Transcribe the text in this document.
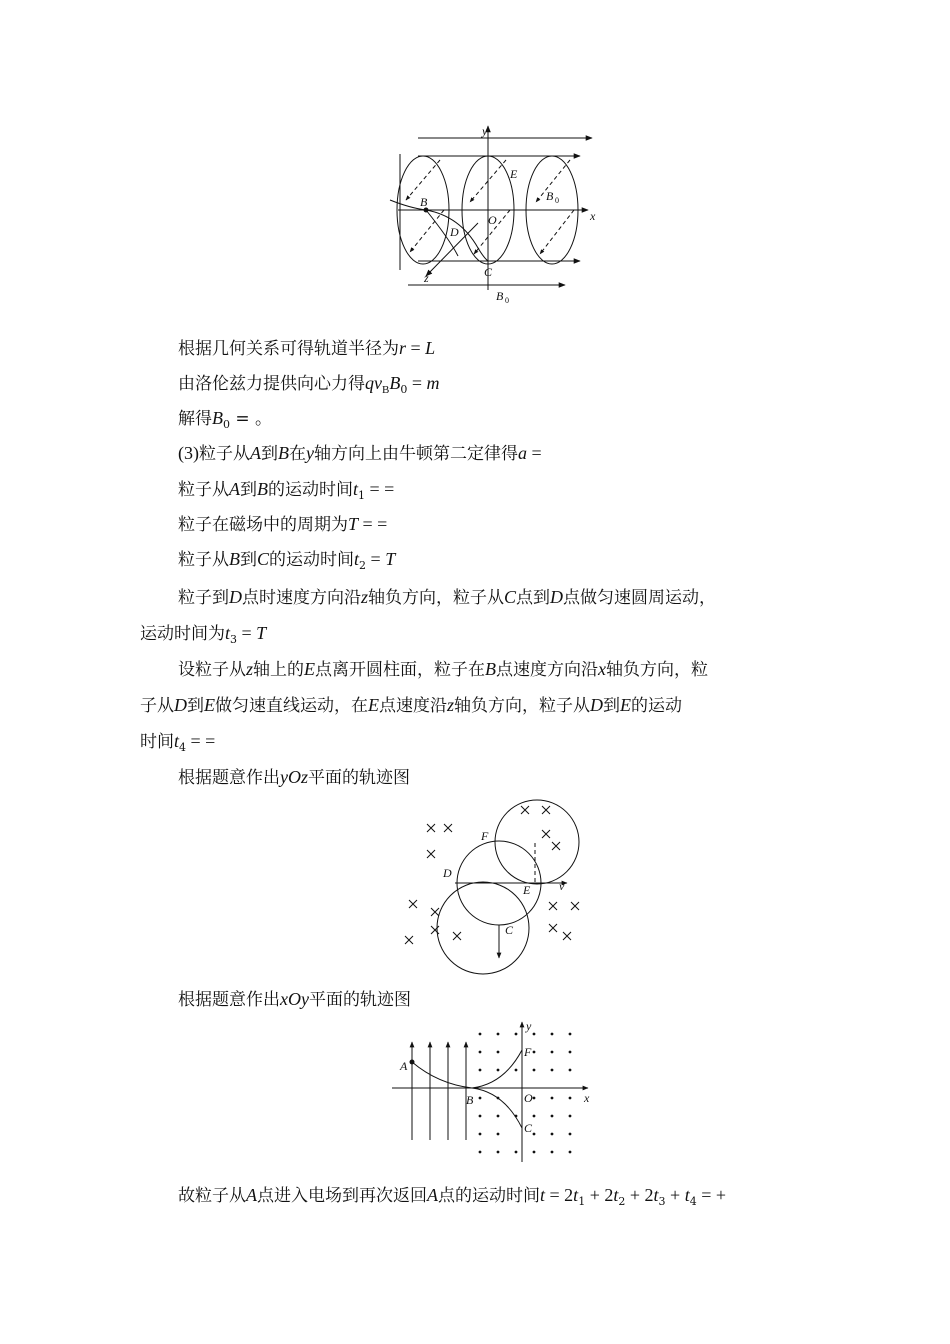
y
x
z
E
B
O
D
C
B 0
B 0
根据几何关系可得轨道半径为r = L
由洛伦兹力提供向心力得$qv_BB_0 = m$
解得$B_0$ = 。
(3)粒子从A到B在y轴方向上由牛顿第二定律得a =
粒子从A到B的运动时间$t_1$ = =
粒子在磁场中的周期为T = =
粒子从B到C的运动时间$t_2 = T$
粒子到D点时速度方向沿z轴负方向，粒子从C点到D点做匀速圆周运动，
运动时间为$t_3 = T$
设粒子从z轴上的E点离开圆柱面，粒子在B点速度方向沿x轴负方向，粒
子从D到E做匀速直线运动，在E点速度沿z轴负方向，粒子从D到E的运动
时间$t_4$ = =
根据题意作出yOz平面的轨迹图
F
D
E v
C
根据题意作出xOy平面的轨迹图
A
B	O
F
C
x
y
故粒子从A点进入电场到再次返回A点的运动时间$t = 2t_1 + 2t_2 + 2t_3 + t_4$ = +
